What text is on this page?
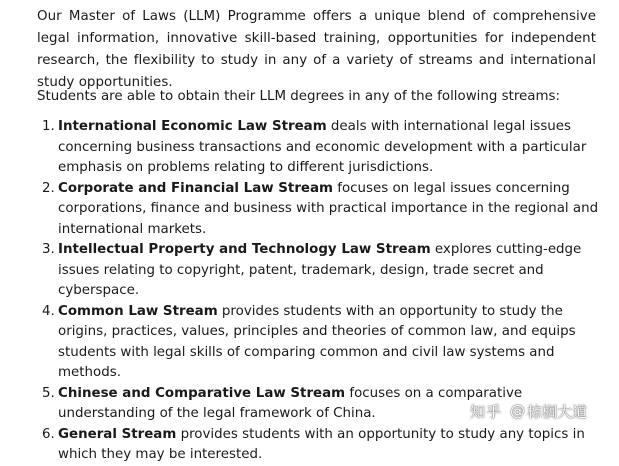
Our Master of Laws (LLM) Programme offers a unique blend of comprehensive legal information, innovative skill-based training, opportunities for independent research, the flexibility to study in any of a variety of streams and international study opportunities.

Students are able to obtain their LLM degrees in any of the following streams:

1. International Economic Law Stream deals with international legal issues concerning business transactions and economic development with a particular emphasis on problems relating to different jurisdictions.
2. Corporate and Financial Law Stream focuses on legal issues concerning corporations, finance and business with practical importance in the regional and international markets.
3. Intellectual Property and Technology Law Stream explores cutting-edge issues relating to copyright, patent, trademark, design, trade secret and cyberspace.
4. Common Law Stream provides students with an opportunity to study the origins, practices, values, principles and theories of common law, and equips students with legal skills of comparing common and civil law systems and methods.
5. Chinese and Comparative Law Stream focuses on a comparative understanding of the legal framework of China.
6. General Stream provides students with an opportunity to study any topics in which they may be interested.
知乎 @ 棕榈大道
